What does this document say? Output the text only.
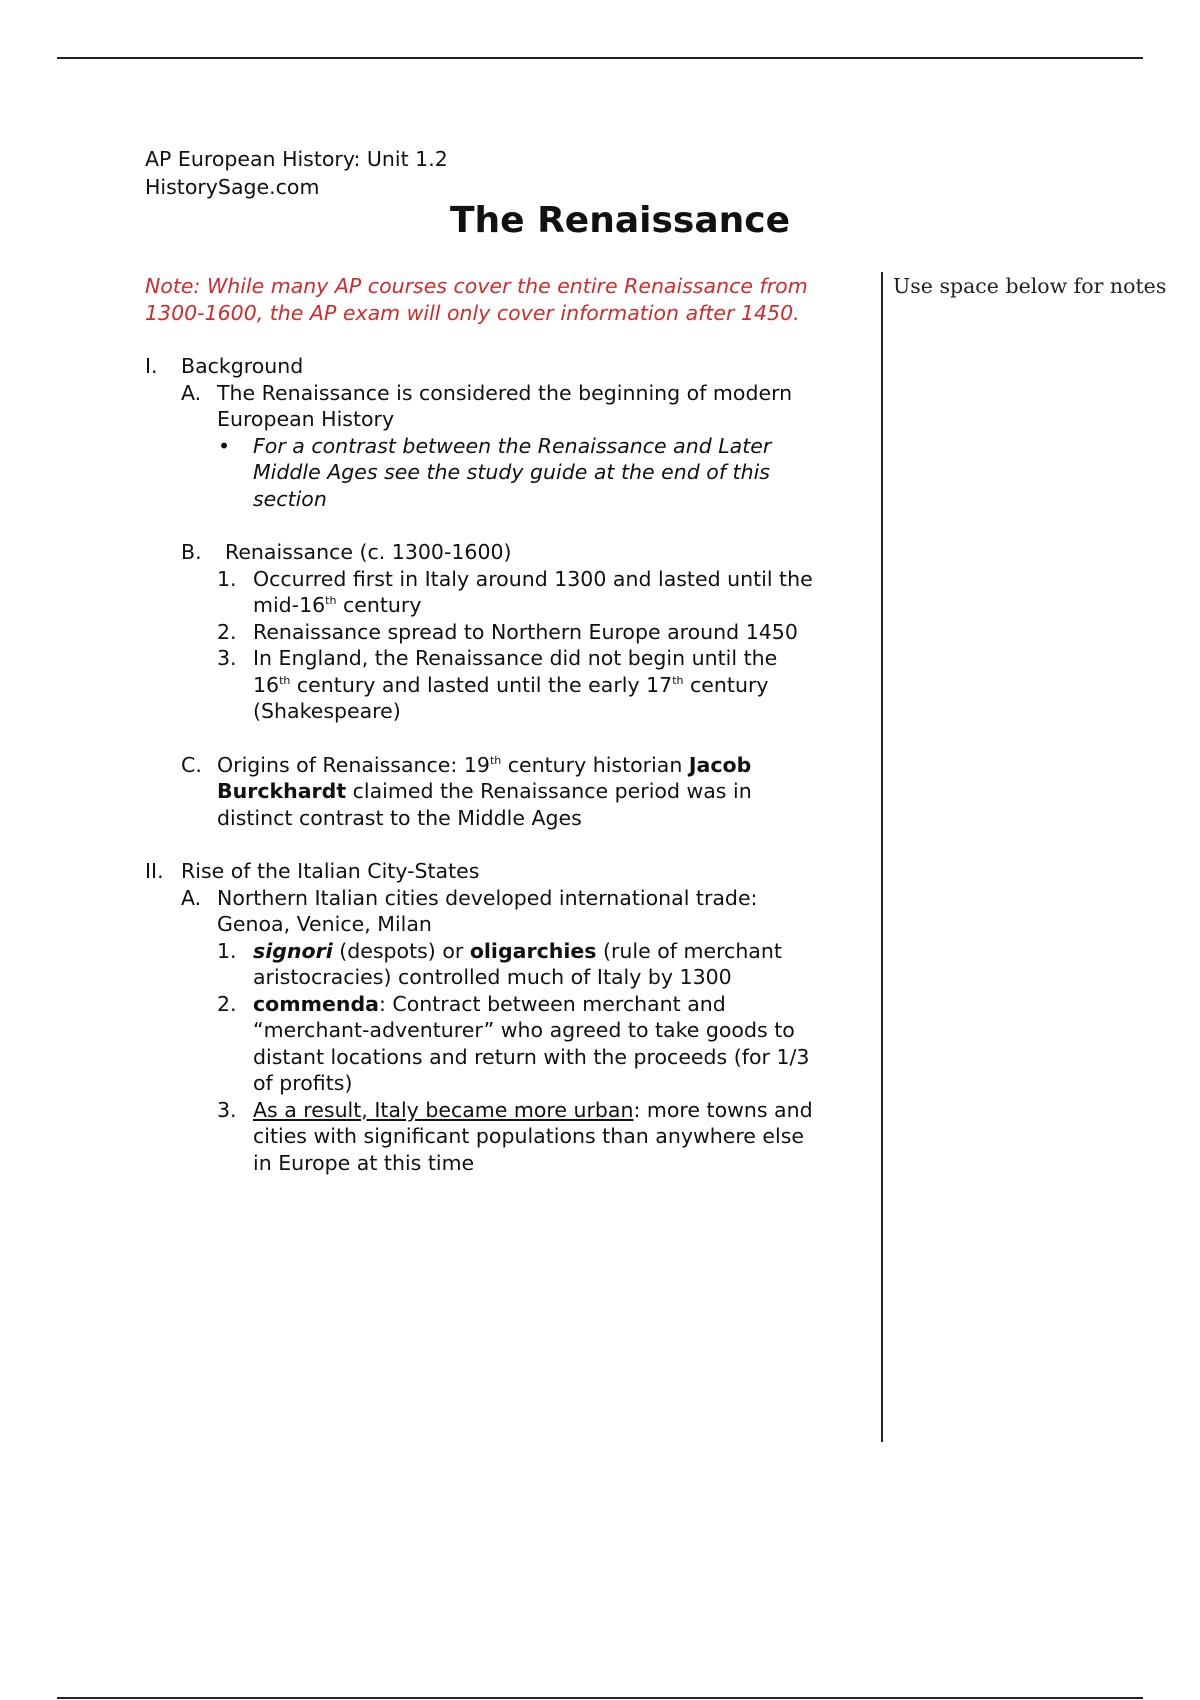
AP European History: Unit 1.2
HistorySage.com
The Renaissance
Use space below for notes
Note: While many AP courses cover the entire Renaissance from
1300-1600, the AP exam will only cover information after 1450.
I. Background
A. The Renaissance is considered the beginning of modern
European History
• For a contrast between the Renaissance and Later
Middle Ages see the study guide at the end of this
section
B. Renaissance (c. 1300-1600)
1. Occurred first in Italy around 1300 and lasted until the
mid-16th century
2. Renaissance spread to Northern Europe around 1450
3. In England, the Renaissance did not begin until the
16th century and lasted until the early 17th century
(Shakespeare)
C. Origins of Renaissance: 19th century historian Jacob
Burckhardt claimed the Renaissance period was in
distinct contrast to the Middle Ages
II. Rise of the Italian City-States
A. Northern Italian cities developed international trade:
Genoa, Venice, Milan
1. signori (despots) or oligarchies (rule of merchant
aristocracies) controlled much of Italy by 1300
2. commenda: Contract between merchant and
“merchant-adventurer” who agreed to take goods to
distant locations and return with the proceeds (for 1/3
of profits)
3. As a result, Italy became more urban: more towns and
cities with significant populations than anywhere else
in Europe at this time
